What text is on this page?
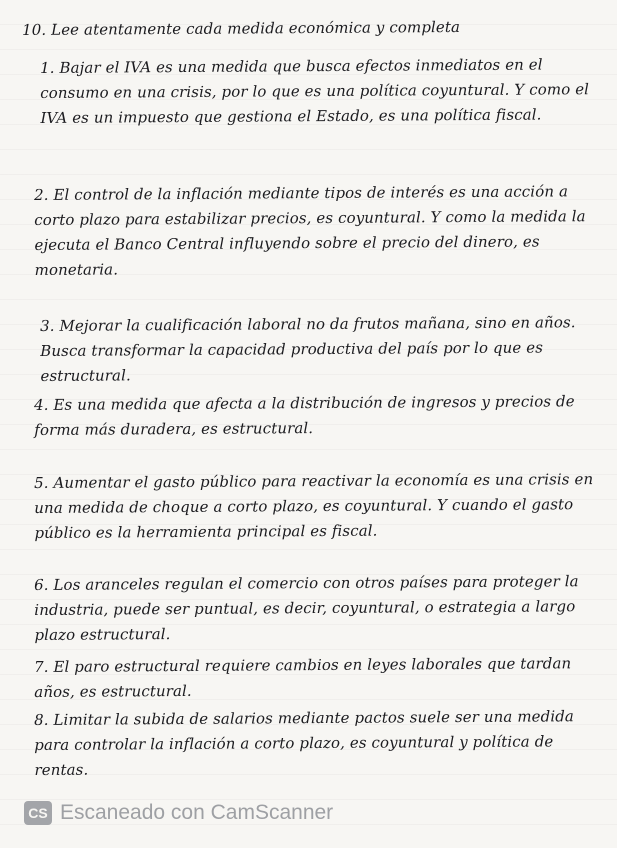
10. Lee atentamente cada medida económica y completa

1. Bajar el IVA es una medida que busca efectos inmediatos en el consumo en una crisis, por lo que es una política coyuntural. Y como el IVA es un impuesto que gestiona el Estado, es una política fiscal.

2. El control de la inflación mediante tipos de interés es una acción a corto plazo para estabilizar precios, es coyuntural. Y como la medida la ejecuta el Banco Central influyendo sobre el precio del dinero, es monetaria.

3. Mejorar la cualificación laboral no da frutos mañana, sino en años. Busca transformar la capacidad productiva del país por lo que es estructural.

4. Es una medida que afecta a la distribución de ingresos y precios de forma más duradera, es estructural.

5. Aumentar el gasto público para reactivar la economía es una crisis en una medida de choque a corto plazo, es coyuntural. Y cuando el gasto público es la herramienta principal es fiscal.

6. Los aranceles regulan el comercio con otros países para proteger la industria, puede ser puntual, es decir, coyuntural, o estrategia a largo plazo estructural.

7. El paro estructural requiere cambios en leyes laborales que tardan años, es estructural.

8. Limitar la subida de salarios mediante pactos suele ser una medida para controlar la inflación a corto plazo, es coyuntural y política de rentas.

CS Escaneado con CamScanner
